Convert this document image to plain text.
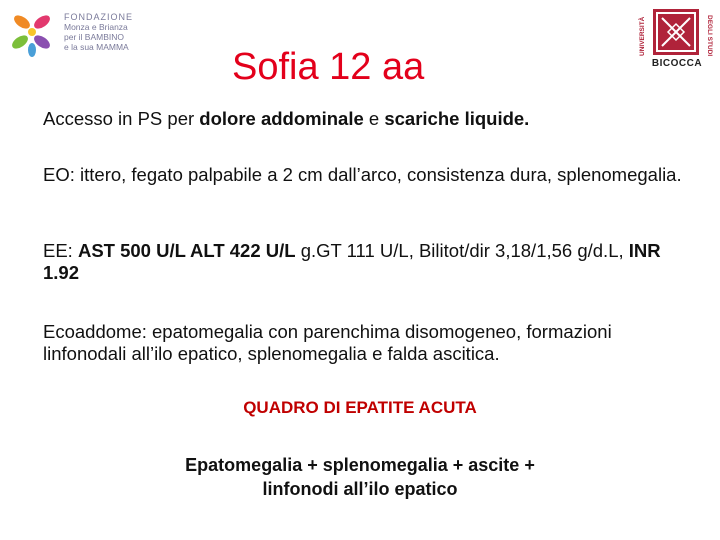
FONDAZIONE
Monza e Brianza
per il BAMBINO
e la sua MAMMA	UNIVERSITÀ	DEGLI STUDI
BICOCCA
Sofia 12 aa

Accesso in PS per dolore addominale e scariche liquide.

EO: ittero, fegato palpabile a 2 cm dall’arco, consistenza dura, splenomegalia.

EE: AST 500 U/L ALT 422 U/L g.GT 111 U/L, Bilitot/dir 3,18/1,56 g/d.L, INR 1.92

Ecoaddome: epatomegalia con parenchima disomogeneo, formazioni linfonodali all’ilo epatico, splenomegalia e falda ascitica.

QUADRO DI EPATITE ACUTA

Epatomegalia + splenomegalia + ascite +
linfonodi all’ilo epatico
